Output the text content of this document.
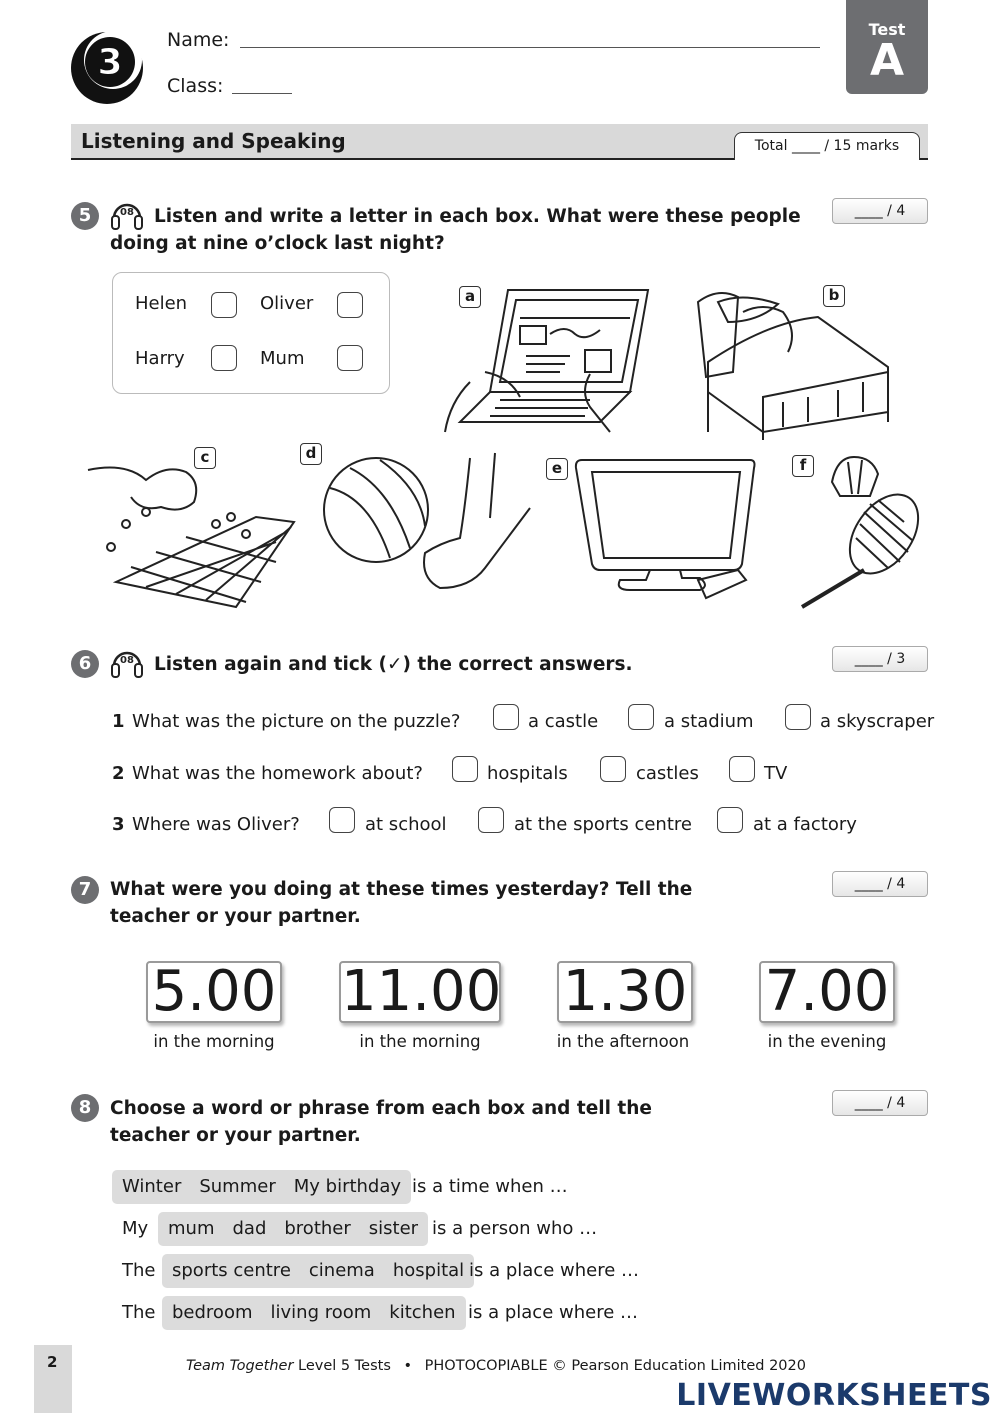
3
Name:
Class:
Test
A
Listening and Speaking	Total ____ / 15 marks
5	08	Listen and write a letter in each box. What were these people doing at nine o’clock last night?
____ / 4
Helen	Oliver
Harry	Mum
a	b
c	d
e	f
6	08 Listen again and tick (✓) the correct answers.	____ / 3
1 What was the picture on the puzzle?	a castle	a stadium	a skyscraper
2 What was the homework about?	hospitals	castles	TV
3 Where was Oliver?	at school	at the sports centre	at a factory
7	What were you doing at these times yesterday? Tell the teacher or your partner.
____ / 4
5.00
in the morning
11.00
in the morning
1.30
in the afternoon
7.00
in the evening
8	Choose a word or phrase from each box and tell the teacher or your partner.
____ / 4
Winter Summer My birthday is a time when …
My	mum dad brother sister is a person who …
The sports centre cinema hospital is a place where …
The bedroom living room kitchen is a place where …
2	Team Together Level 5 Tests • PHOTOCOPIABLE © Pearson Education Limited 2020
LIVEWORKSHEETS
